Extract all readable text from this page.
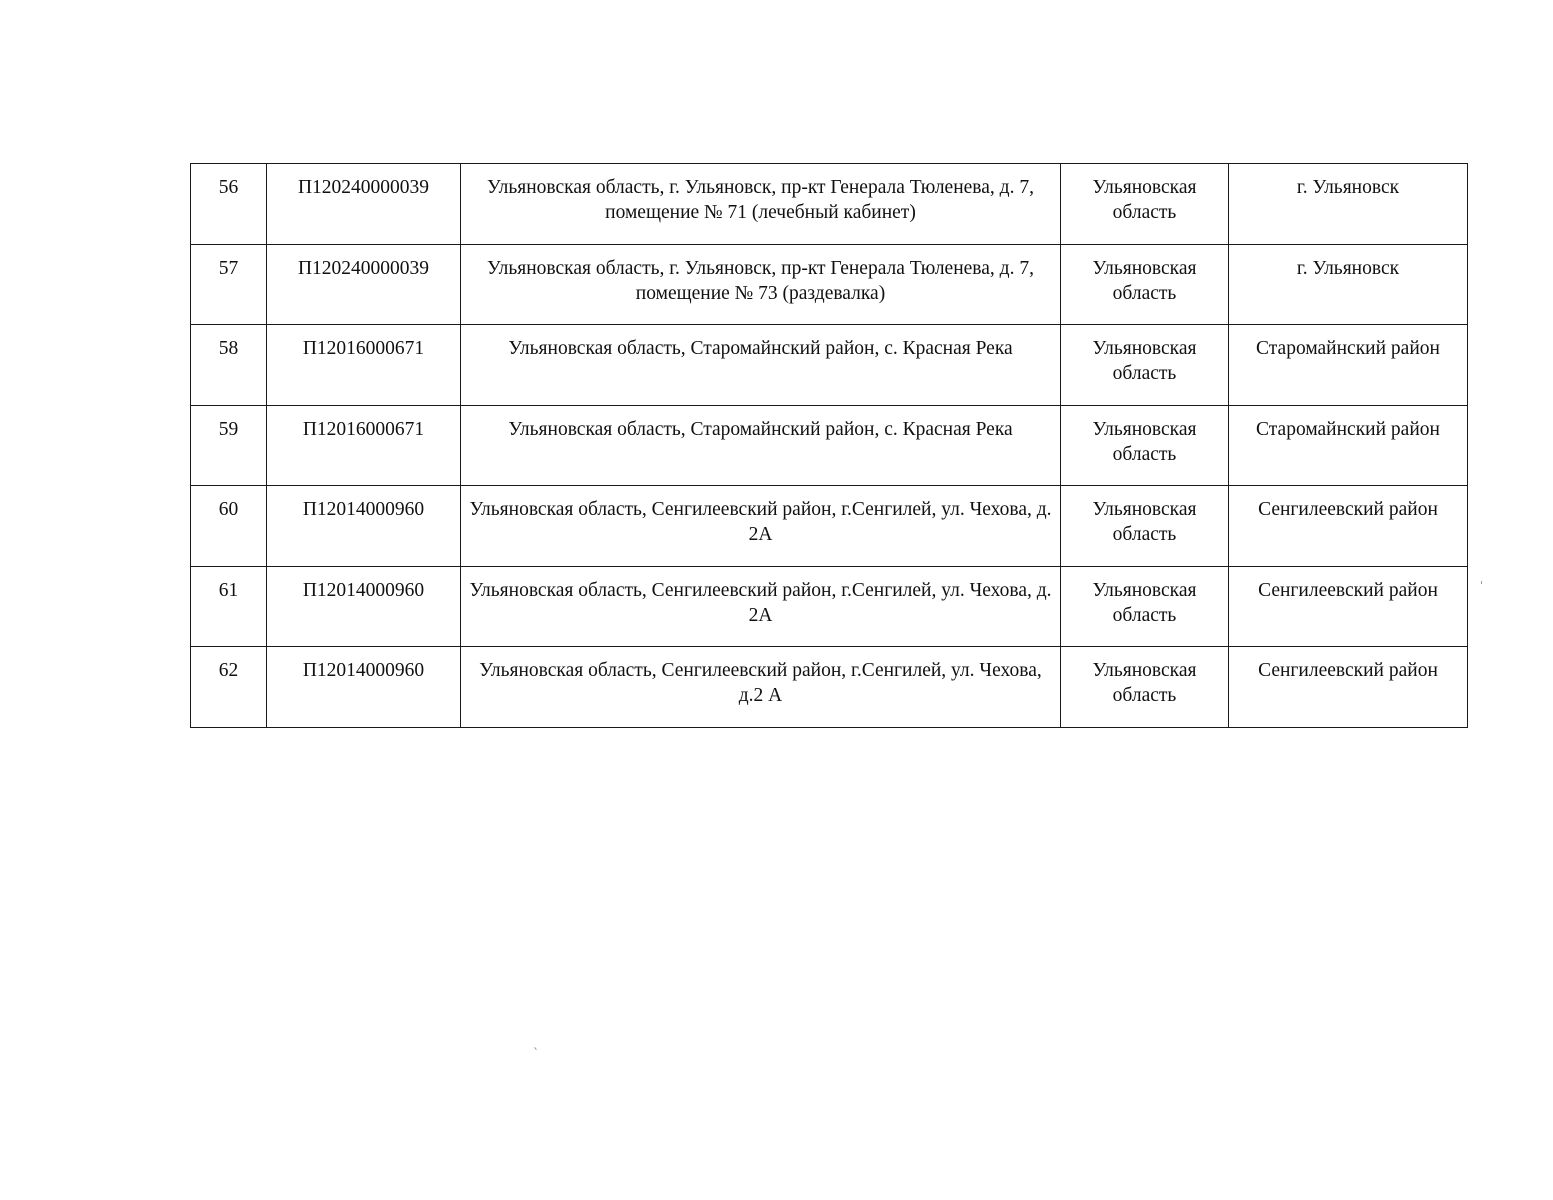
56	П120240000039	Ульяновская область, г. Ульяновск, пр-кт Генерала Тюленева, д. 7, помещение № 71 (лечебный кабинет)	Ульяновская область	г. Ульяновск
57	П120240000039	Ульяновская область, г. Ульяновск, пр-кт Генерала Тюленева, д. 7, помещение № 73 (раздевалка)	Ульяновская область	г. Ульяновск
58	П12016000671	Ульяновская область, Старомайнский район, с. Красная Река	Ульяновская область	Старомайнский район
59	П12016000671	Ульяновская область, Старомайнский район, с. Красная Река	Ульяновская область	Старомайнский район
60	П12014000960	Ульяновская область, Сенгилеевский район, г.Сенгилей, ул. Чехова, д. 2А	Ульяновская область	Сенгилеевский район
61	П12014000960	Ульяновская область, Сенгилеевский район, г.Сенгилей, ул. Чехова, д. 2А	Ульяновская область	Сенгилеевский район
62	П12014000960	Ульяновская область, Сенгилеевский район, г.Сенгилей, ул. Чехова, д.2 А	Ульяновская область	Сенгилеевский район
